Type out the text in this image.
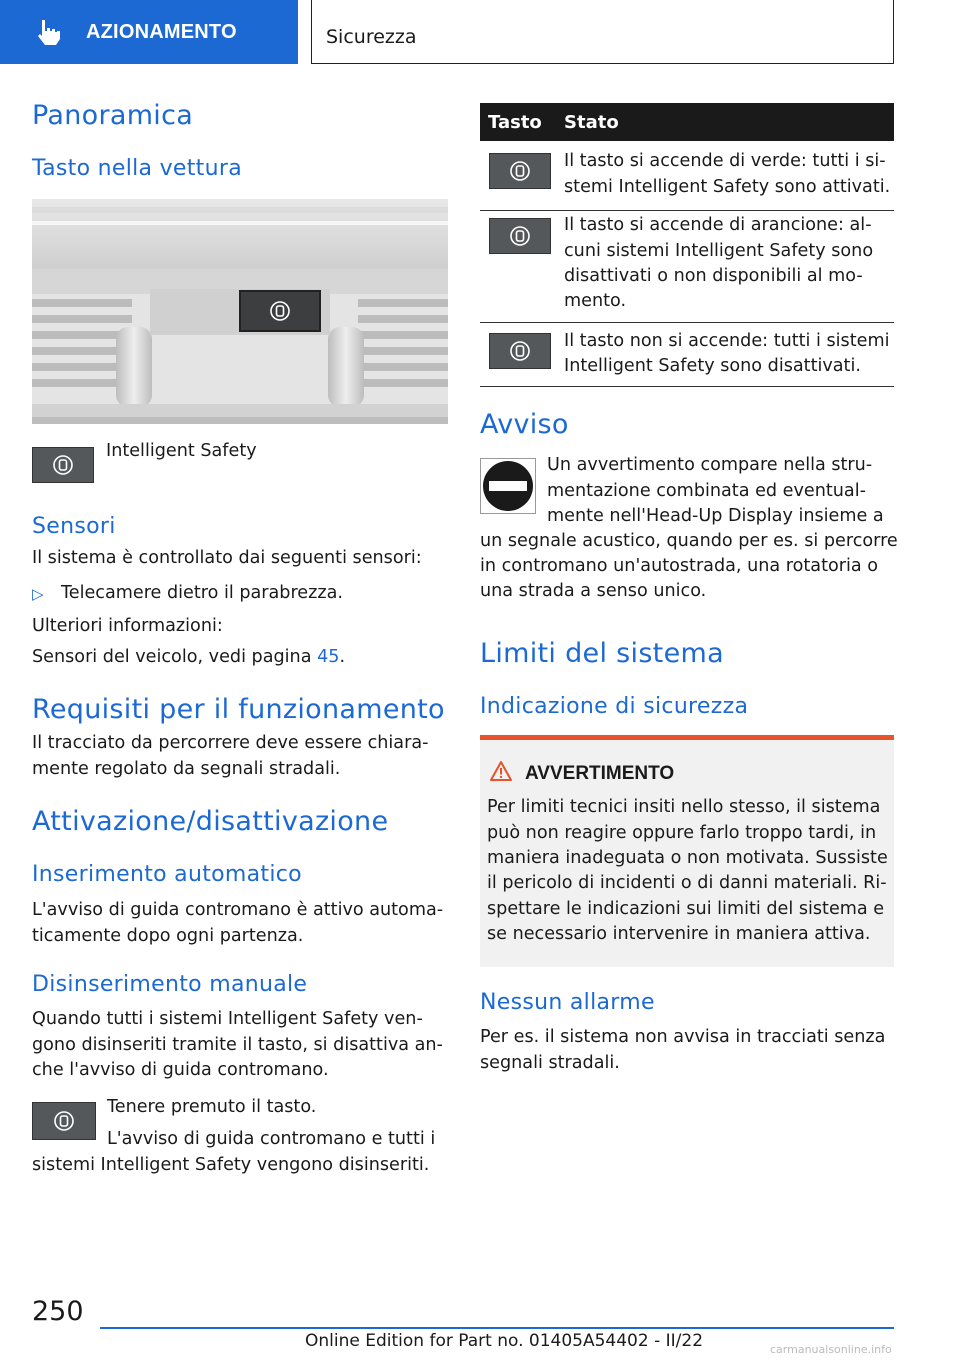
AZIONAMENTO	Sicurezza
Panoramica
Tasto nella vettura
Intelligent Safety
Sensori
Il sistema è controllato dai seguenti sensori:
▷ Telecamere dietro il parabrezza.
Ulteriori informazioni:
Sensori del veicolo, vedi pagina 45.
Requisiti per il funzionamento
Il tracciato da percorrere deve essere chiara-
mente regolato da segnali stradali.
Attivazione/disattivazione
Inserimento automatico
L'avviso di guida contromano è attivo automa-
ticamente dopo ogni partenza.
Disinserimento manuale
Quando tutti i sistemi Intelligent Safety ven-
gono disinseriti tramite il tasto, si disattiva an-
che l'avviso di guida contromano.
Tenere premuto il tasto.
L'avviso di guida contromano e tutti i
sistemi Intelligent Safety vengono disinseriti.
Tasto Stato
Il tasto si accende di verde: tutti i si-
stemi Intelligent Safety sono attivati.
Il tasto si accende di arancione: al-
cuni sistemi Intelligent Safety sono
disattivati o non disponibili al mo-
mento.
Il tasto non si accende: tutti i sistemi
Intelligent Safety sono disattivati.
Avviso
Un avvertimento compare nella stru-
mentazione combinata ed eventual-
mente nell'Head-Up Display insieme a
un segnale acustico, quando per es. si percorre
in contromano un'autostrada, una rotatoria o
una strada a senso unico.
Limiti del sistema
Indicazione di sicurezza
AVVERTIMENTO
Per limiti tecnici insiti nello stesso, il sistema
può non reagire oppure farlo troppo tardi, in
maniera inadeguata o non motivata. Sussiste
il pericolo di incidenti o di danni materiali. Ri-
spettare le indicazioni sui limiti del sistema e
se necessario intervenire in maniera attiva.
Nessun allarme
Per es. il sistema non avvisa in tracciati senza
segnali stradali.
250
Online Edition for Part no. 01405A54402 - II/22	carmanualsonline.info
